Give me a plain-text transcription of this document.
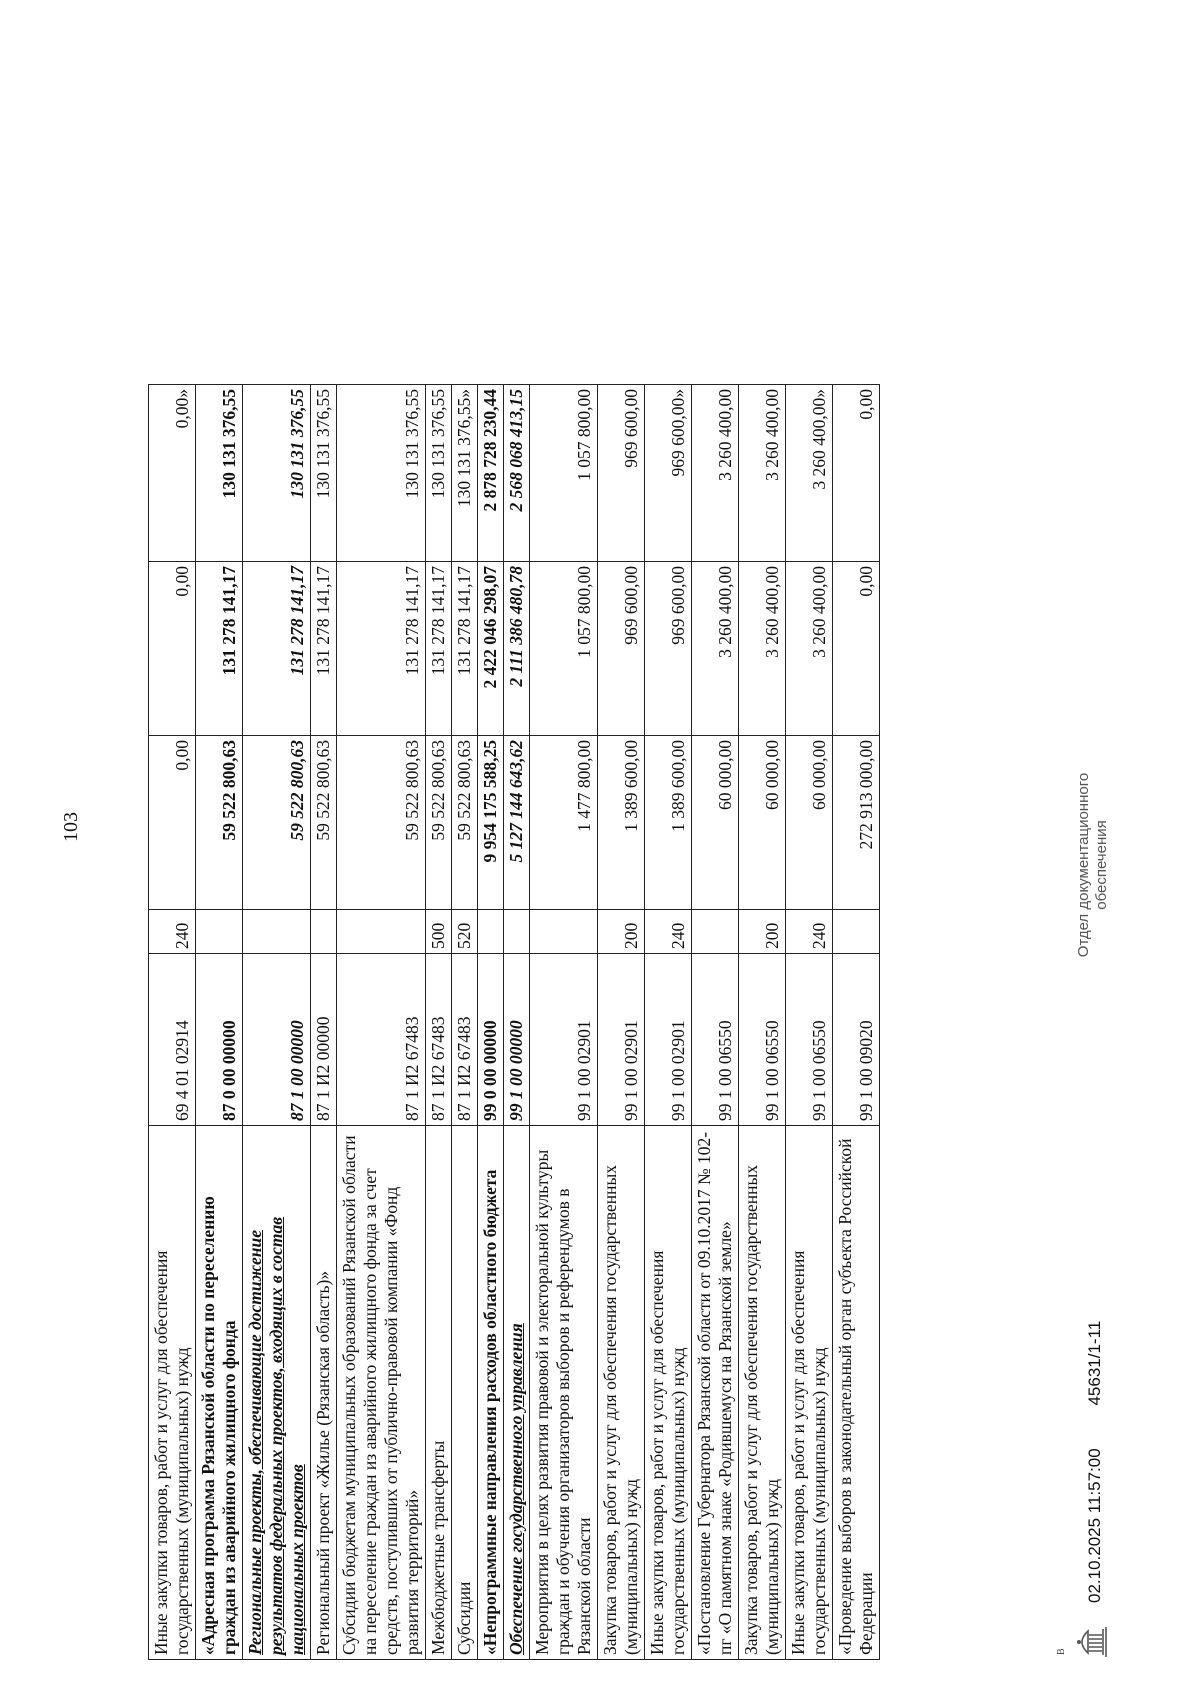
103
Иные закупки товаров, работ и услуг для обеспечения государственных (муниципальных) нужд	69 4 01 02914	240	0,00	0,00	0,00»
«Адресная программа Рязанской области по переселению граждан из аварийного жилищного фонда	87 0 00 00000		59 522 800,63	131 278 141,17	130 131 376,55
Региональные проекты, обеспечивающие достижение результатов федеральных проектов, входящих в состав национальных проектов	87 1 00 00000		59 522 800,63	131 278 141,17	130 131 376,55
Региональный проект «Жилье (Рязанская область)»	87 1 И2 00000		59 522 800,63	131 278 141,17	130 131 376,55
Субсидии бюджетам муниципальных образований Рязанской области на переселение граждан из аварийного жилищного фонда за счет средств, поступивших от публично-правовой компании «Фонд развития территорий»	87 1 И2 67483		59 522 800,63	131 278 141,17	130 131 376,55
Межбюджетные трансферты	87 1 И2 67483	500	59 522 800,63	131 278 141,17	130 131 376,55
Субсидии	87 1 И2 67483	520	59 522 800,63	131 278 141,17	130 131 376,55»
«Непрограммные направления расходов областного бюджета	99 0 00 00000		9 954 175 588,25	2 422 046 298,07	2 878 728 230,44
Обеспечение государственного управления	99 1 00 00000		5 127 144 643,62	2 111 386 480,78	2 568 068 413,15
Мероприятия в целях развития правовой и электоральной культуры граждан и обучения организаторов выборов и референдумов в Рязанской области	99 1 00 02901		1 477 800,00	1 057 800,00	1 057 800,00
Закупка товаров, работ и услуг для обеспечения государственных (муниципальных) нужд	99 1 00 02901	200	1 389 600,00	969 600,00	969 600,00
Иные закупки товаров, работ и услуг для обеспечения государственных (муниципальных) нужд	99 1 00 02901	240	1 389 600,00	969 600,00	969 600,00»
«Постановление Губернатора Рязанской области от 09.10.2017 № 102-пг «О памятном знаке «Родившемуся на Рязанской земле»	99 1 00 06550		60 000,00	3 260 400,00	3 260 400,00
Закупка товаров, работ и услуг для обеспечения государственных (муниципальных) нужд	99 1 00 06550	200	60 000,00	3 260 400,00	3 260 400,00
Иные закупки товаров, работ и услуг для обеспечения государственных (муниципальных) нужд	99 1 00 06550	240	60 000,00	3 260 400,00	3 260 400,00»
«Проведение выборов в законодательный орган субъекта Российской Федерации	99 1 00 09020		272 913 000,00	0,00	0,00
В
02.10.2025 11:57:00 45631/1-11
Отдел документационного обеспечения
